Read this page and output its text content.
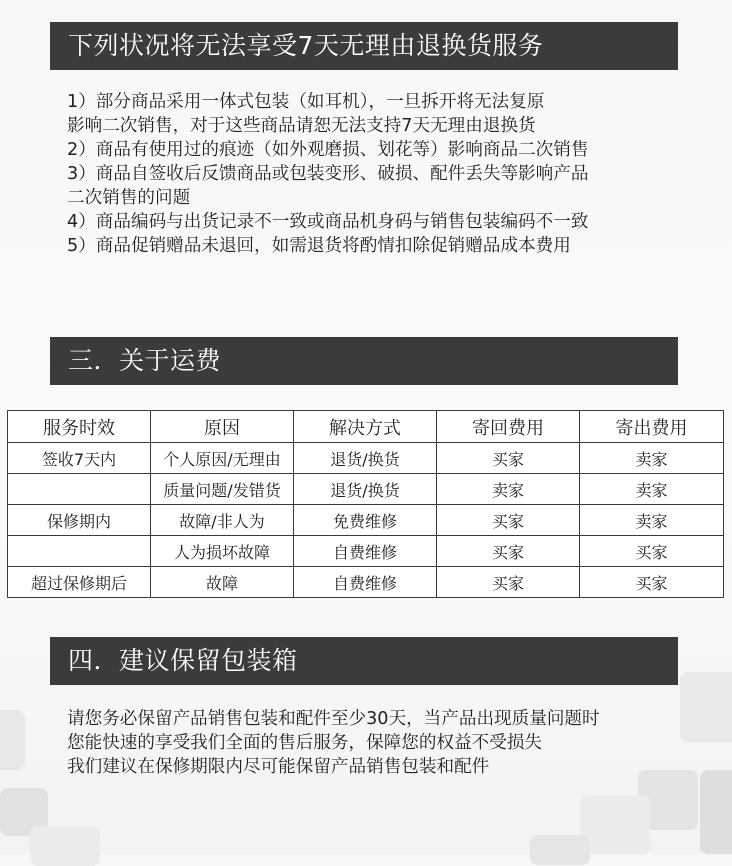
下列状况将无法享受7天无理由退换货服务
1）部分商品采用一体式包装（如耳机），一旦拆开将无法复原
影响二次销售，对于这些商品请恕无法支持7天无理由退换货
2）商品有使用过的痕迹（如外观磨损、划花等）影响商品二次销售
3）商品自签收后反馈商品或包装变形、破损、配件丢失等影响产品
二次销售的问题
4）商品编码与出货记录不一致或商品机身码与销售包装编码不一致
5）商品促销赠品未退回，如需退货将酌情扣除促销赠品成本费用
三．关于运费
服务时效	原因	解决方式	寄回费用	寄出费用
签收7天内	个人原因/无理由	退货/换货	买家	卖家
	质量问题/发错货	退货/换货	卖家	卖家
保修期内	故障/非人为	免费维修	买家	卖家
	人为损坏故障	自费维修	买家	买家
超过保修期后	故障	自费维修	买家	买家
四．建议保留包装箱
请您务必保留产品销售包装和配件至少30天，当产品出现质量问题时
您能快速的享受我们全面的售后服务，保障您的权益不受损失
我们建议在保修期限内尽可能保留产品销售包装和配件
